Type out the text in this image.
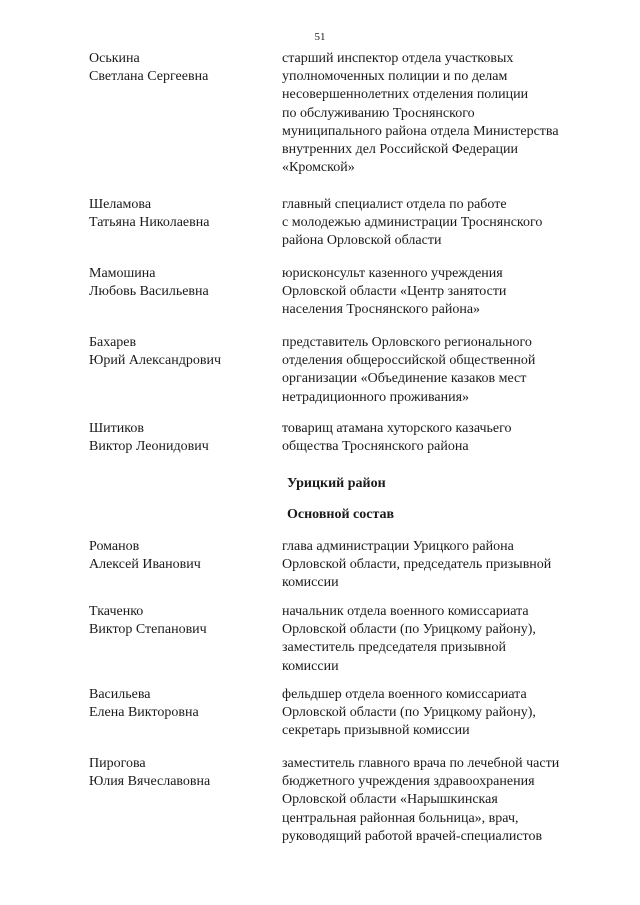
51
Оськина
Светлана Сергеевна
старший инспектор отдела участковых
уполномоченных полиции и по делам
несовершеннолетних отделения полиции
по обслуживанию Троснянского
муниципального района отдела Министерства
внутренних дел Российской Федерации
«Кромской»
Шеламова
Татьяна Николаевна
главный специалист отдела по работе
с молодежью администрации Троснянского
района Орловской области
Мамошина
Любовь Васильевна
юрисконсульт казенного учреждения
Орловской области «Центр занятости
населения Троснянского района»
Бахарев
Юрий Александрович
представитель Орловского регионального
отделения общероссийской общественной
организации «Объединение казаков мест
нетрадиционного проживания»
Шитиков
Виктор Леонидович
товарищ атамана хуторского казачьего
общества Троснянского района
Урицкий район
Основной состав
Романов
Алексей Иванович
глава администрации Урицкого района
Орловской области, председатель призывной
комиссии
Ткаченко
Виктор Степанович
начальник отдела военного комиссариата
Орловской области (по Урицкому району),
заместитель председателя призывной
комиссии
Васильева
Елена Викторовна
фельдшер отдела военного комиссариата
Орловской области (по Урицкому району),
секретарь призывной комиссии
Пирогова
Юлия Вячеславовна
заместитель главного врача по лечебной части
бюджетного учреждения здравоохранения
Орловской области «Нарышкинская
центральная районная больница», врач,
руководящий работой врачей-специалистов
